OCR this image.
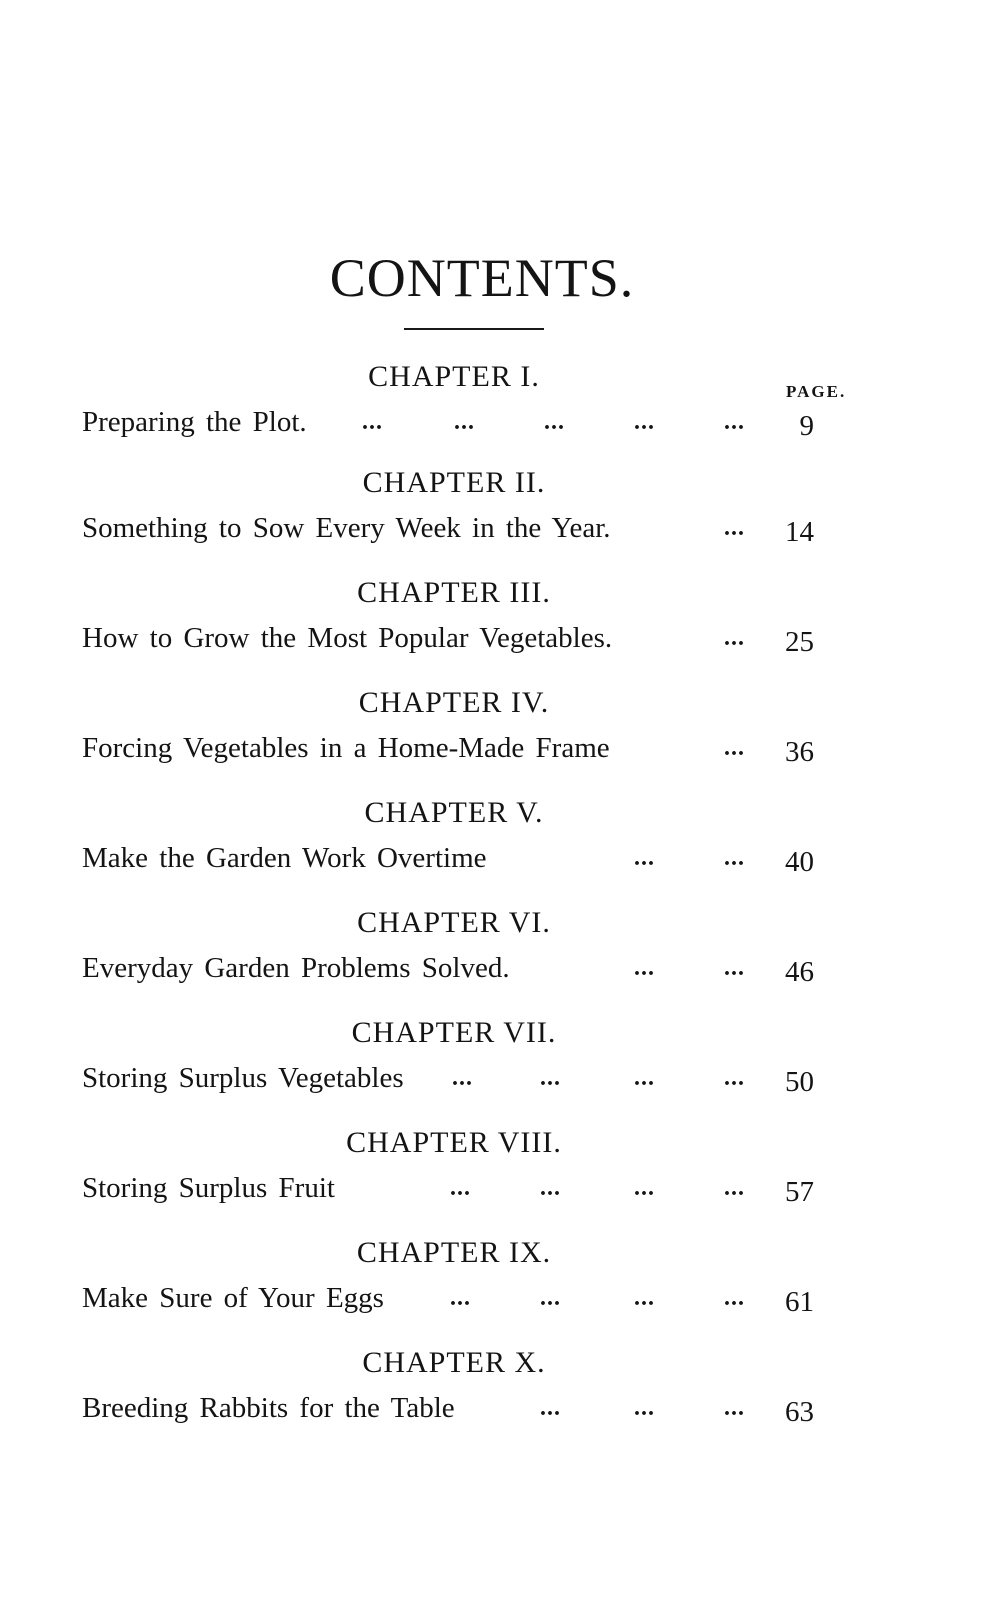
CONTENTS.
PAGE.
CHAPTER I.
Preparing the Plot. ...	...	...	...	... 9
CHAPTER II.
Something to Sow Every Week in the Year.	... 14
CHAPTER III.
How to Grow the Most Popular Vegetables.	... 25
CHAPTER IV.
Forcing Vegetables in a Home-Made Frame	... 36
CHAPTER V.
Make the Garden Work Overtime	...	... 40
CHAPTER VI.
Everyday Garden Problems Solved.	...	... 46
CHAPTER VII.
Storing Surplus Vegetables ...	...	...	... 50
CHAPTER VIII.
Storing Surplus Fruit	...	...	...	... 57
CHAPTER IX.
Make Sure of Your Eggs	...	...	...	... 61
CHAPTER X.
Breeding Rabbits for the Table	...	...	... 63
